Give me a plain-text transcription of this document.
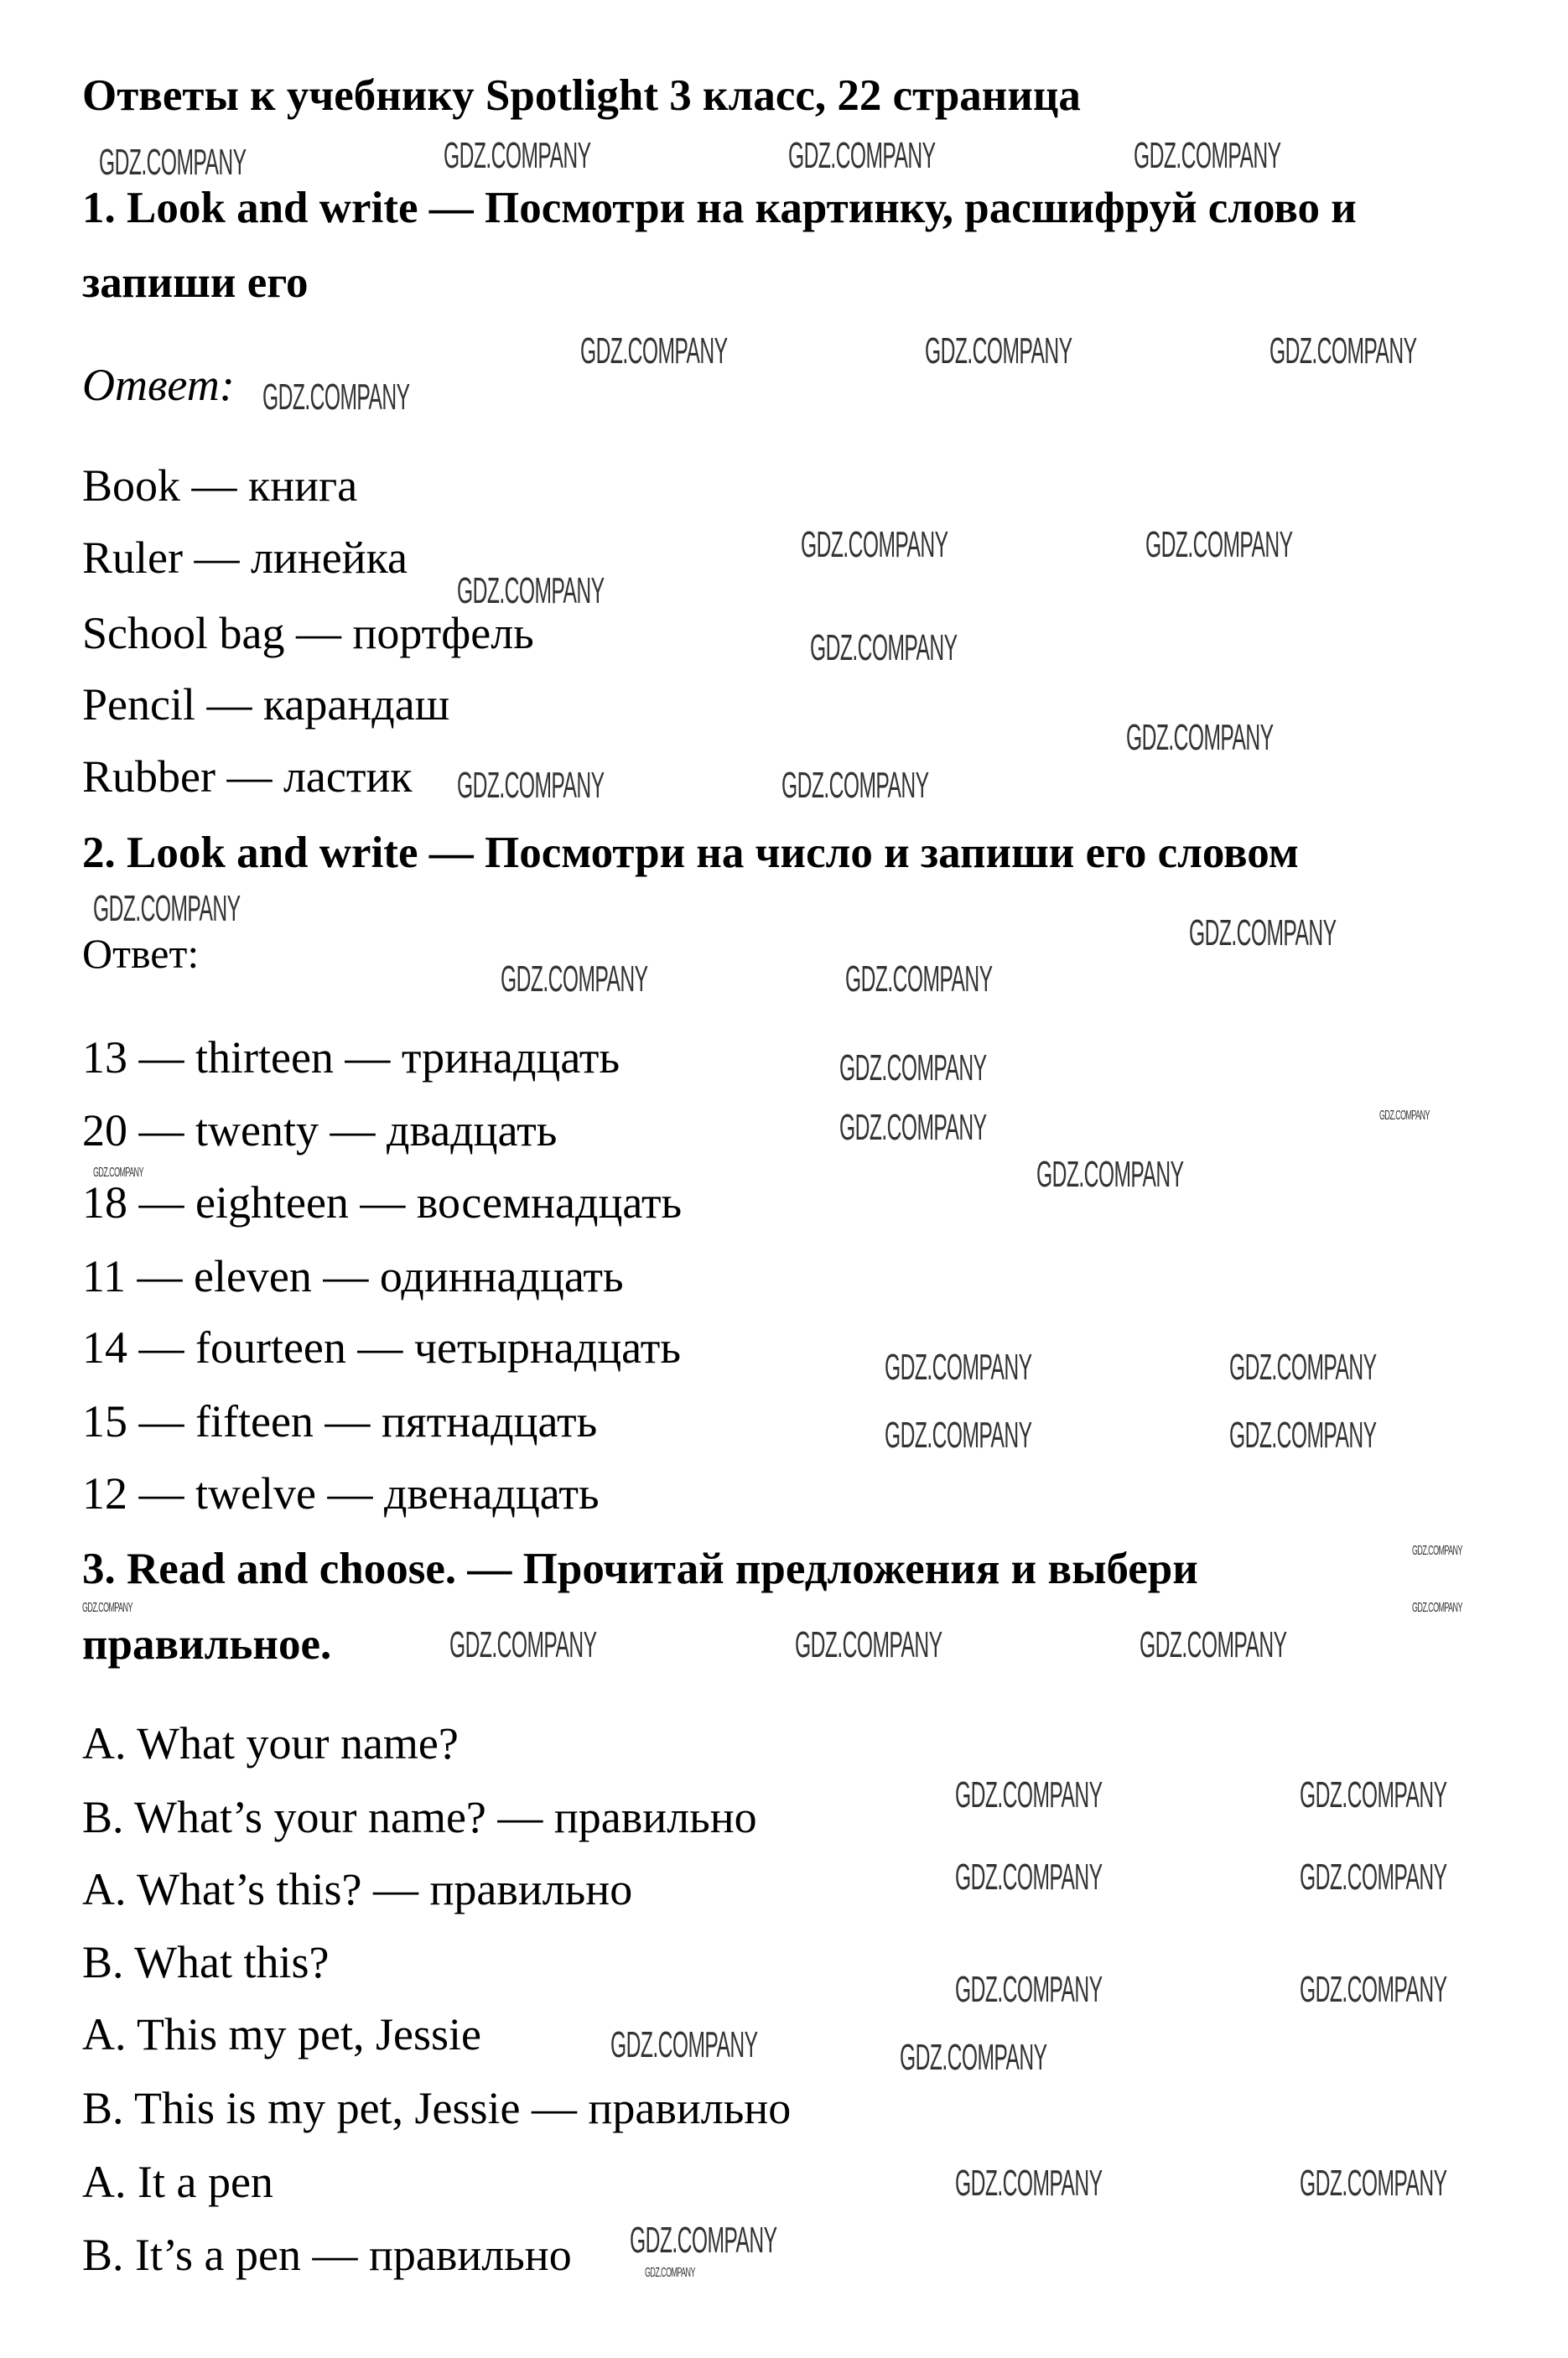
Ответы к учебнику Spotlight 3 класс, 22 страница
1. Look and write — Посмотри на картинку, расшифруй слово и
запиши его
Ответ:
Book — книга
Ruler — линейка
School bag — портфель
Pencil — карандаш
Rubber — ластик
2. Look and write — Посмотри на число и запиши его словом
Ответ:
13 — thirteen — тринадцать
20 — twenty — двадцать
18 — eighteen — восемнадцать
11 — eleven — одиннадцать
14 — fourteen — четырнадцать
15 — fifteen — пятнадцать
12 — twelve — двенадцать
3. Read and choose. — Прочитай предложения и выбери
правильное.
A. What your name?
B. What’s your name? — правильно
A. What’s this? — правильно
B. What this?
A. This my pet, Jessie
B. This is my pet, Jessie — правильно
A. It a pen
B. It’s a pen — правильно
GDZ.COMPANY	GDZ.COMPANY	GDZ.COMPANY	GDZ.COMPANY
GDZ.COMPANY	GDZ.COMPANY	GDZ.COMPANY
GDZ.COMPANY
GDZ.COMPANY	GDZ.COMPANY
GDZ.COMPANY
GDZ.COMPANY
GDZ.COMPANY
GDZ.COMPANY	GDZ.COMPANY
GDZ.COMPANY
GDZ.COMPANY
GDZ.COMPANY	GDZ.COMPANY
GDZ.COMPANY
GDZ.COMPANY
GDZ.COMPANY
GDZ.COMPANY	GDZ.COMPANY
GDZ.COMPANY	GDZ.COMPANY
GDZ.COMPANY	GDZ.COMPANY	GDZ.COMPANY
GDZ.COMPANY	GDZ.COMPANY
GDZ.COMPANY	GDZ.COMPANY
GDZ.COMPANY	GDZ.COMPANY
GDZ.COMPANY	GDZ.COMPANY
GDZ.COMPANY	GDZ.COMPANY
GDZ.COMPANY
GDZ.COMPANY
GDZ.COMPANY
GDZ.COMPANY
GDZ.COMPANY
GDZ.COMPANY
GDZ.COMPANY
